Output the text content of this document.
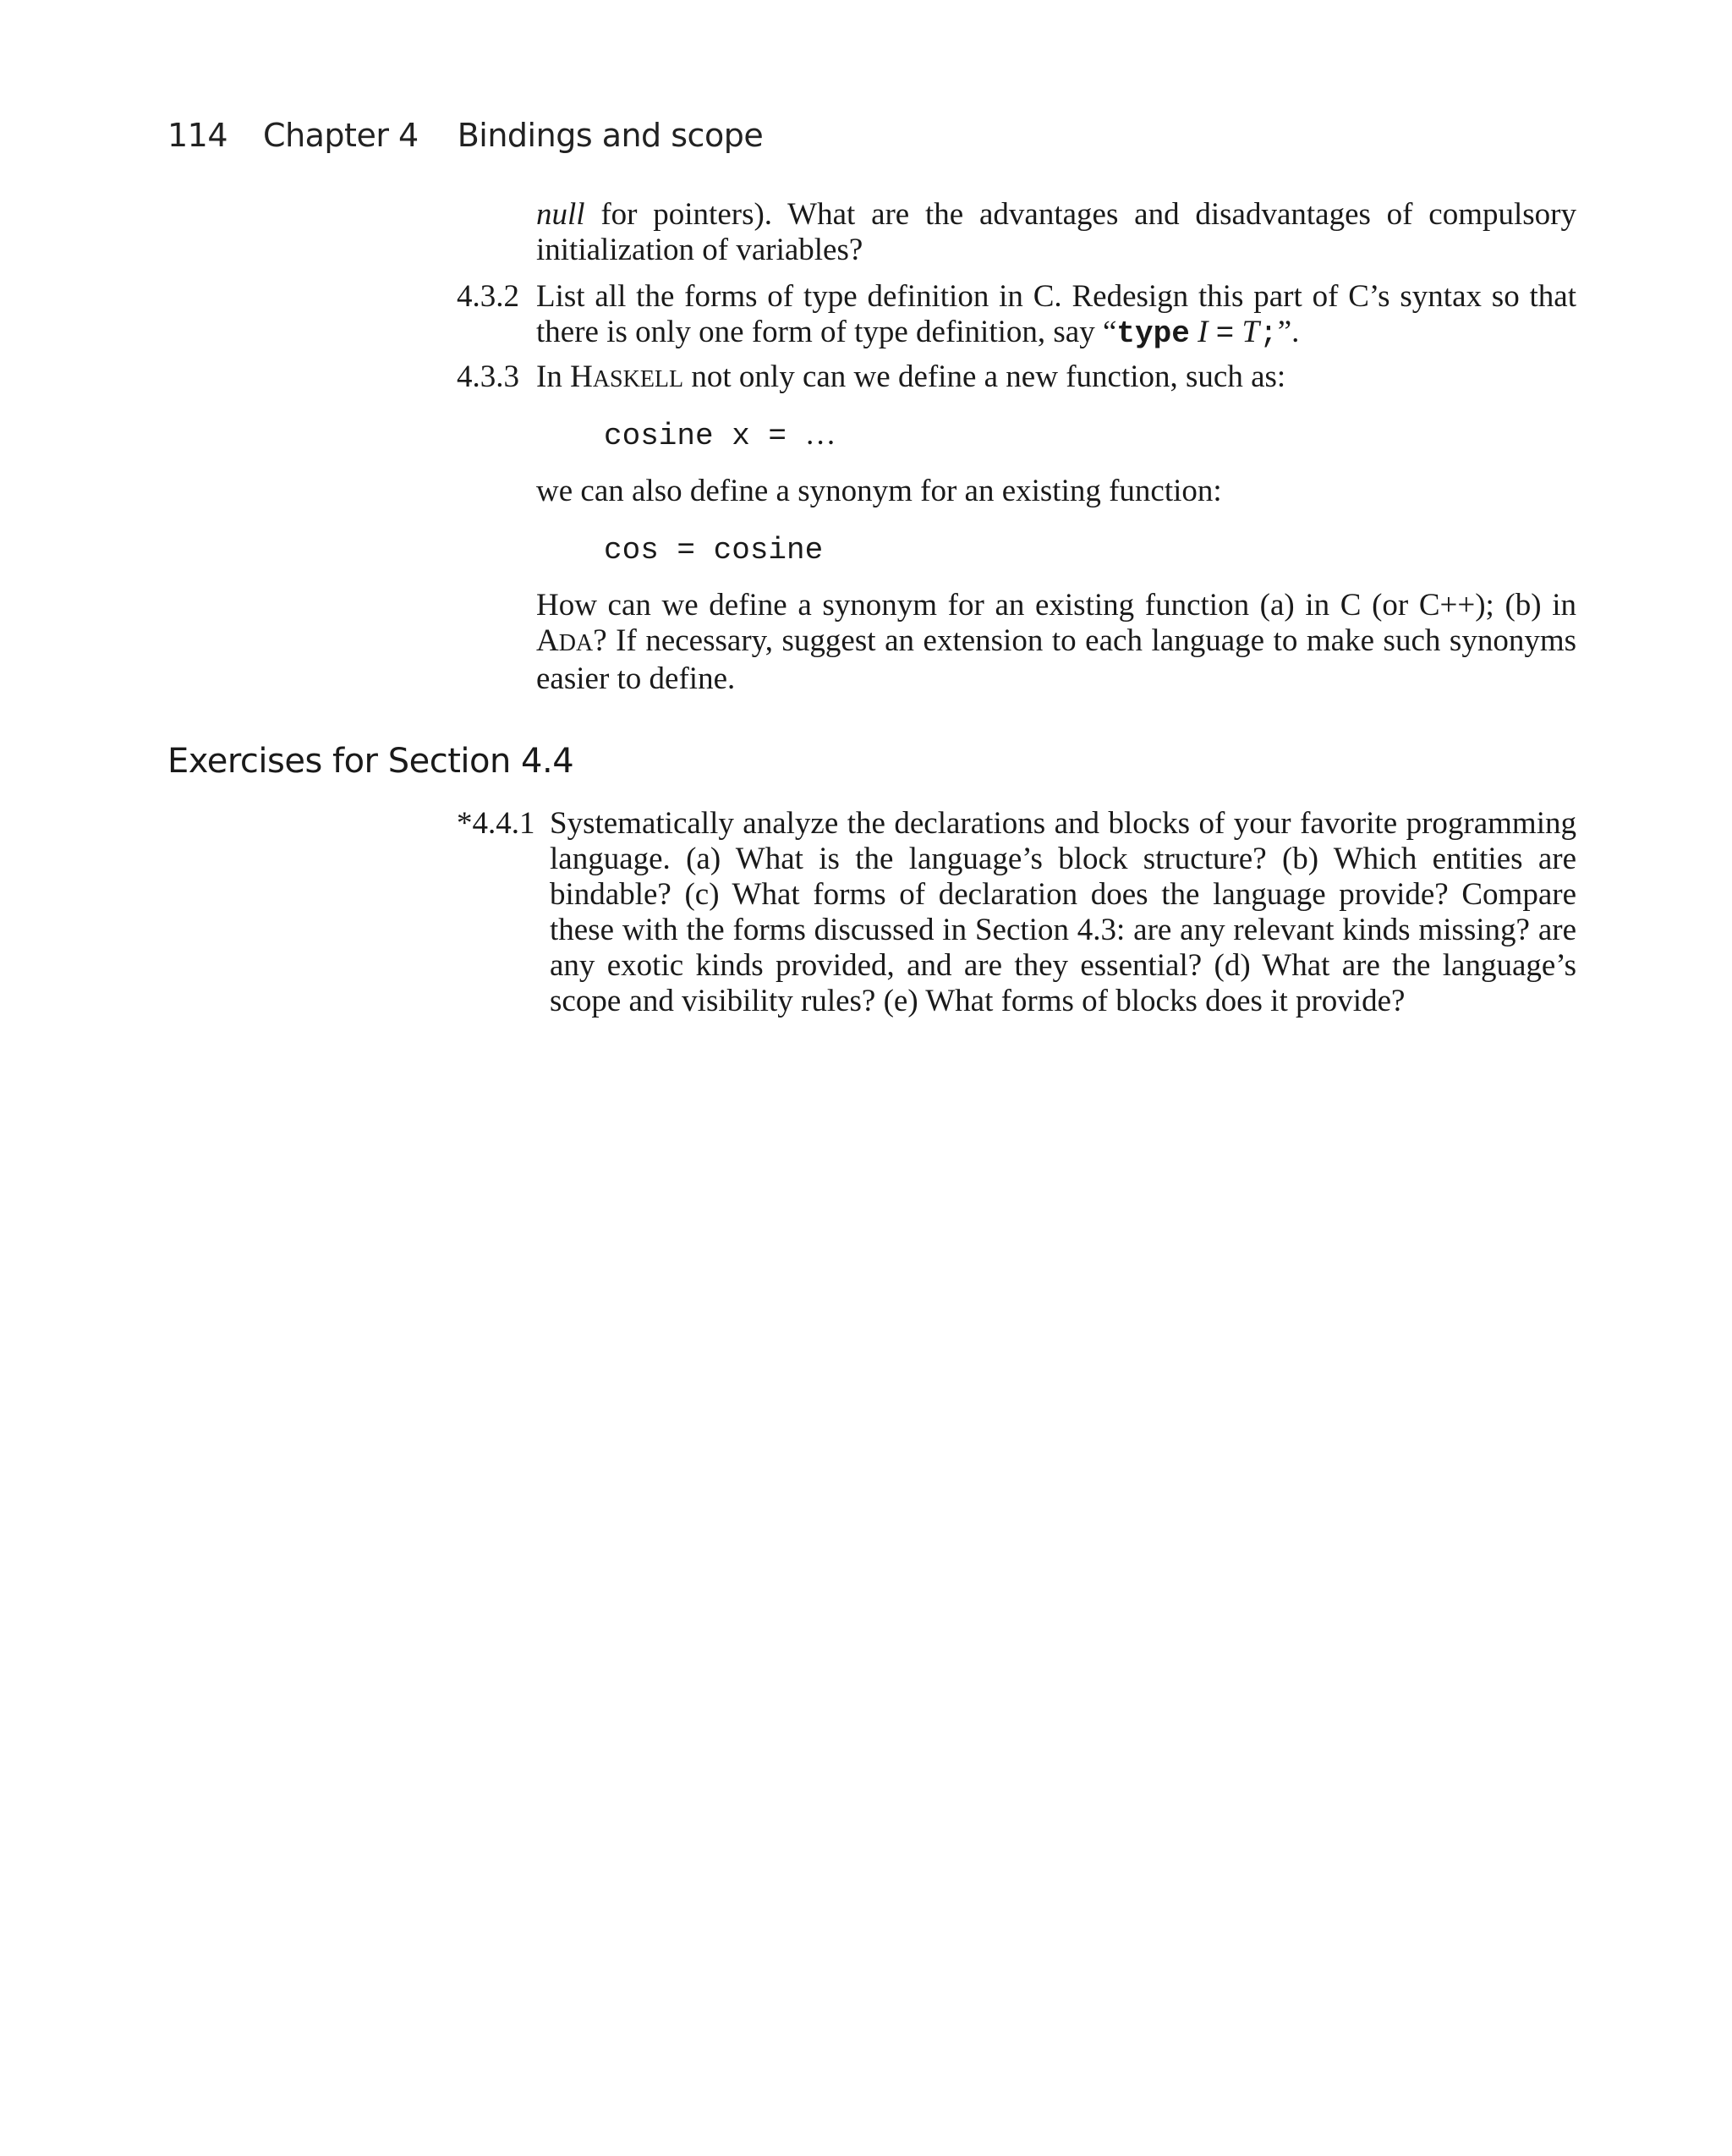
114 Chapter 4 Bindings and scope
null for pointers). What are the advantages and disadvantages of compulsory initialization of variables?
4.3.2 List all the forms of type definition in C. Redesign this part of C’s syntax so that there is only one form of type definition, say “type I = T;”.
4.3.3 In HASKELL not only can we define a new function, such as:
cosine x = …
we can also define a synonym for an existing function:
cos = cosine
How can we define a synonym for an existing function (a) in C (or C++); (b) in ADA? If necessary, suggest an extension to each language to make such synonyms easier to define.
Exercises for Section 4.4
*4.4.1 Systematically analyze the declarations and blocks of your favorite programming language. (a) What is the language’s block structure? (b) Which entities are bindable? (c) What forms of declaration does the language provide? Compare these with the forms discussed in Section 4.3: are any relevant kinds missing? are any exotic kinds provided, and are they essential? (d) What are the language’s scope and visibility rules? (e) What forms of blocks does it provide?
